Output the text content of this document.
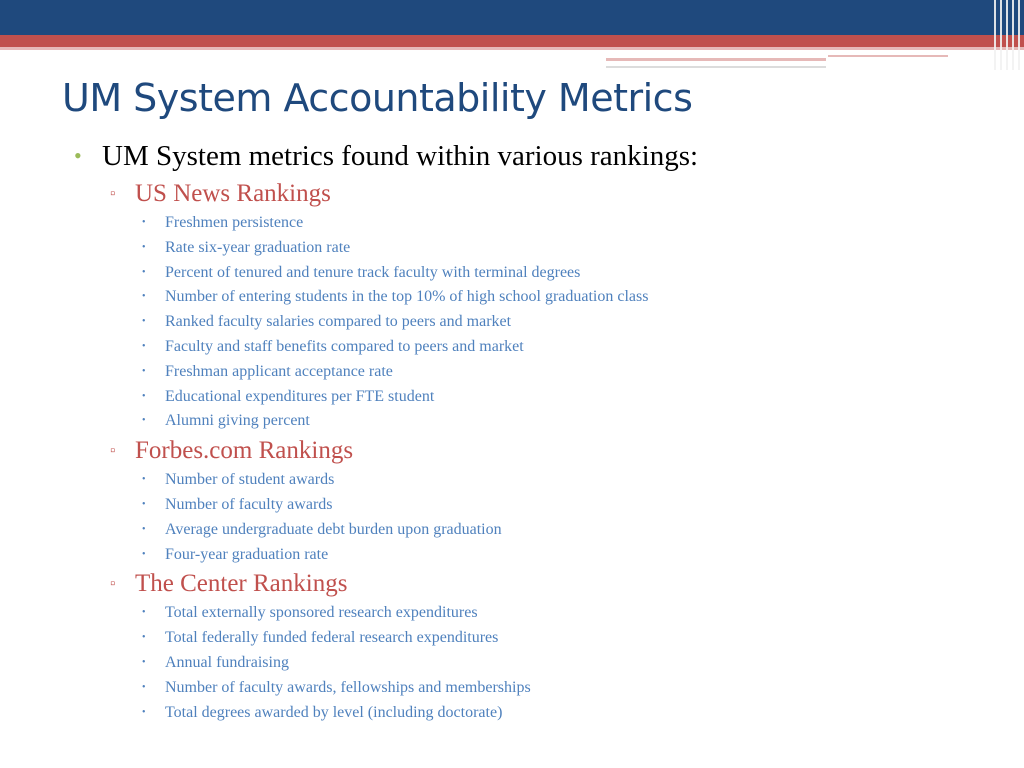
UM System Accountability Metrics
• UM System metrics found within various rankings:
▫ US News Rankings
• Freshmen persistence
• Rate six-year graduation rate
• Percent of tenured and tenure track faculty with terminal degrees
• Number of entering students in the top 10% of high school graduation class
• Ranked faculty salaries compared to peers and market
• Faculty and staff benefits compared to peers and market
• Freshman applicant acceptance rate
• Educational expenditures per FTE student
• Alumni giving percent
▫ Forbes.com Rankings
• Number of student awards
• Number of faculty awards
• Average undergraduate debt burden upon graduation
• Four-year graduation rate
▫ The Center Rankings
• Total externally sponsored research expenditures
• Total federally funded federal research expenditures
• Annual fundraising
• Number of faculty awards, fellowships and memberships
• Total degrees awarded by level (including doctorate)
